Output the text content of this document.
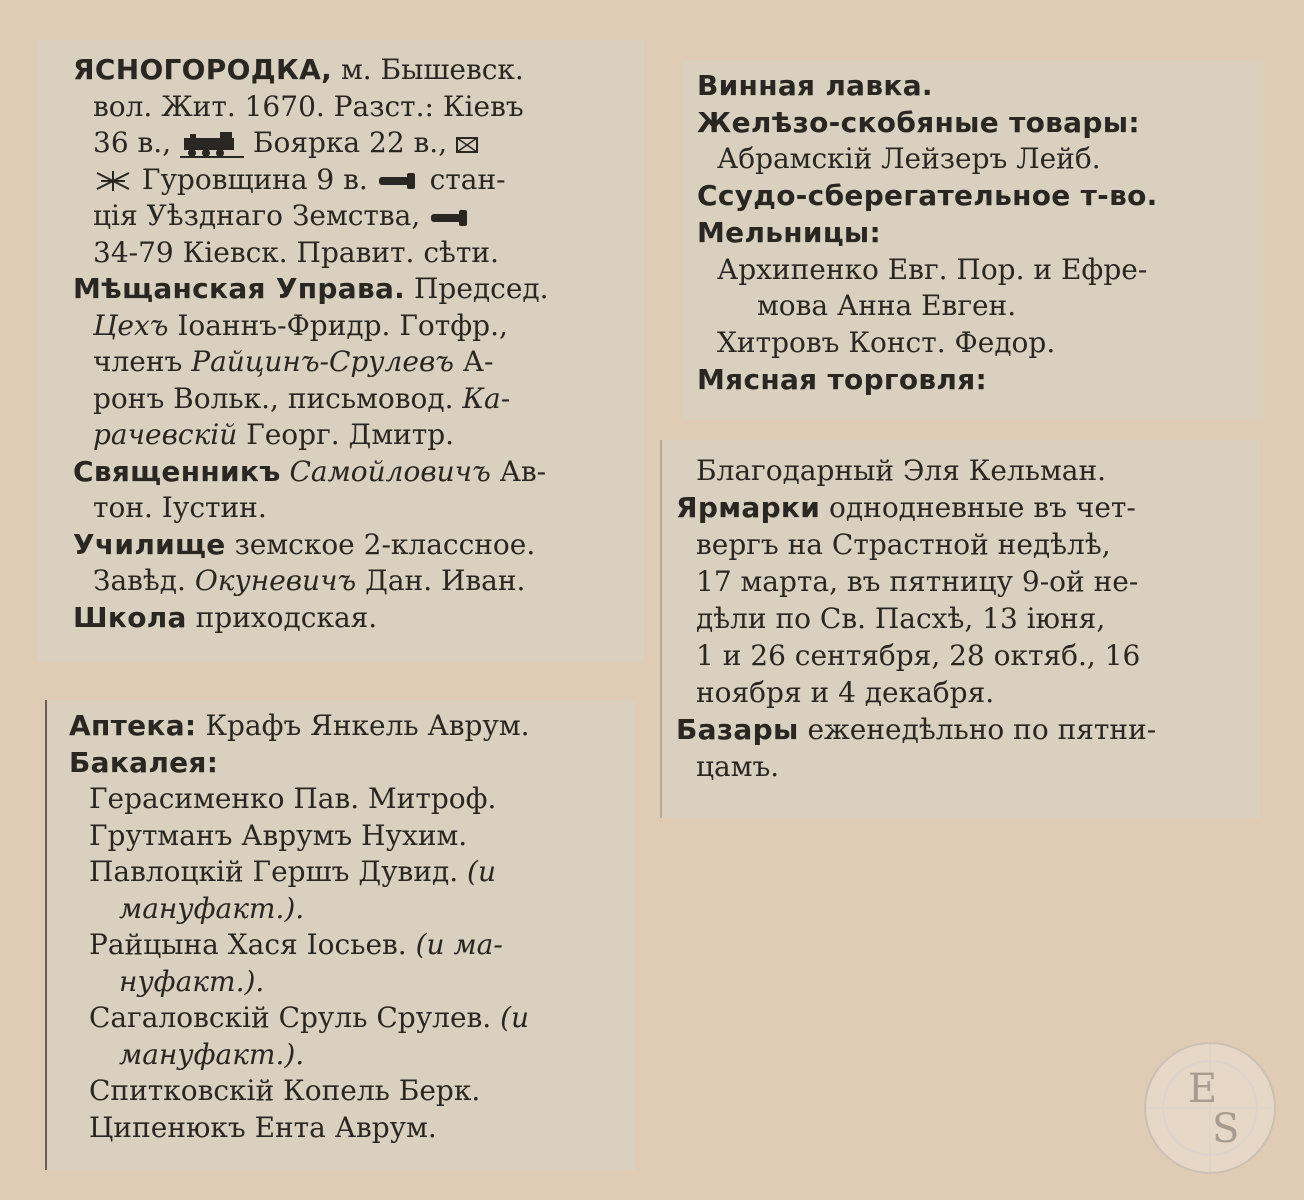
ЯСНОГОРОДКА, м. Бышевск.

вол. Жит. 1670. Разст.: Кіевъ

36 в.,  Боярка 22 в.,

Гуровщина 9 в.  стан-

ція Уѣзднаго Земства,

34-79 Кіевск. Правит. сѣти.

Мѣщанская Управа. Председ.

Цехъ Іоаннъ-Фридр. Готфр.,

членъ Райцинъ-Срулевъ А-

ронъ Вольк., письмовод. Ка-

рачевскій Георг. Дмитр.

Священникъ Самойловичъ Ав-

тон. Іустин.

Училище земское 2-классное.

Завѣд. Окуневичъ Дан. Иван.

Школа приходская.

Аптека: Крафъ Янкель Аврум.

Бакалея:

Герасименко Пав. Митроф.

Грутманъ Аврумъ Нухим.

Павлоцкій Гершъ Дувид. (и

мануфакт.).

Райцына Хася Іосьев. (и ма-

нуфакт.).

Сагаловскій Сруль Срулев. (и

мануфакт.).

Спитковскій Копель Берк.

Ципенюкъ Ента Аврум.

Винная лавка.

Желѣзо-скобяные товары:

Абрамскій Лейзеръ Лейб.

Ссудо-сберегательное т-во.

Мельницы:

Архипенко Евг. Пор. и Ефре-

мова Анна Евген.

Хитровъ Конст. Федор.

Мясная торговля:

Благодарный Эля Кельман.

Ярмарки однодневные въ чет-

вергъ на Страстной недѣлѣ,

17 марта, въ пятницу 9-ой не-

дѣли по Св. Пасхѣ, 13 іюня,

1 и 26 сентября, 28 октяб., 16

ноября и 4 декабря.

Базары еженедѣльно по пятни-

цамъ.

E
S
